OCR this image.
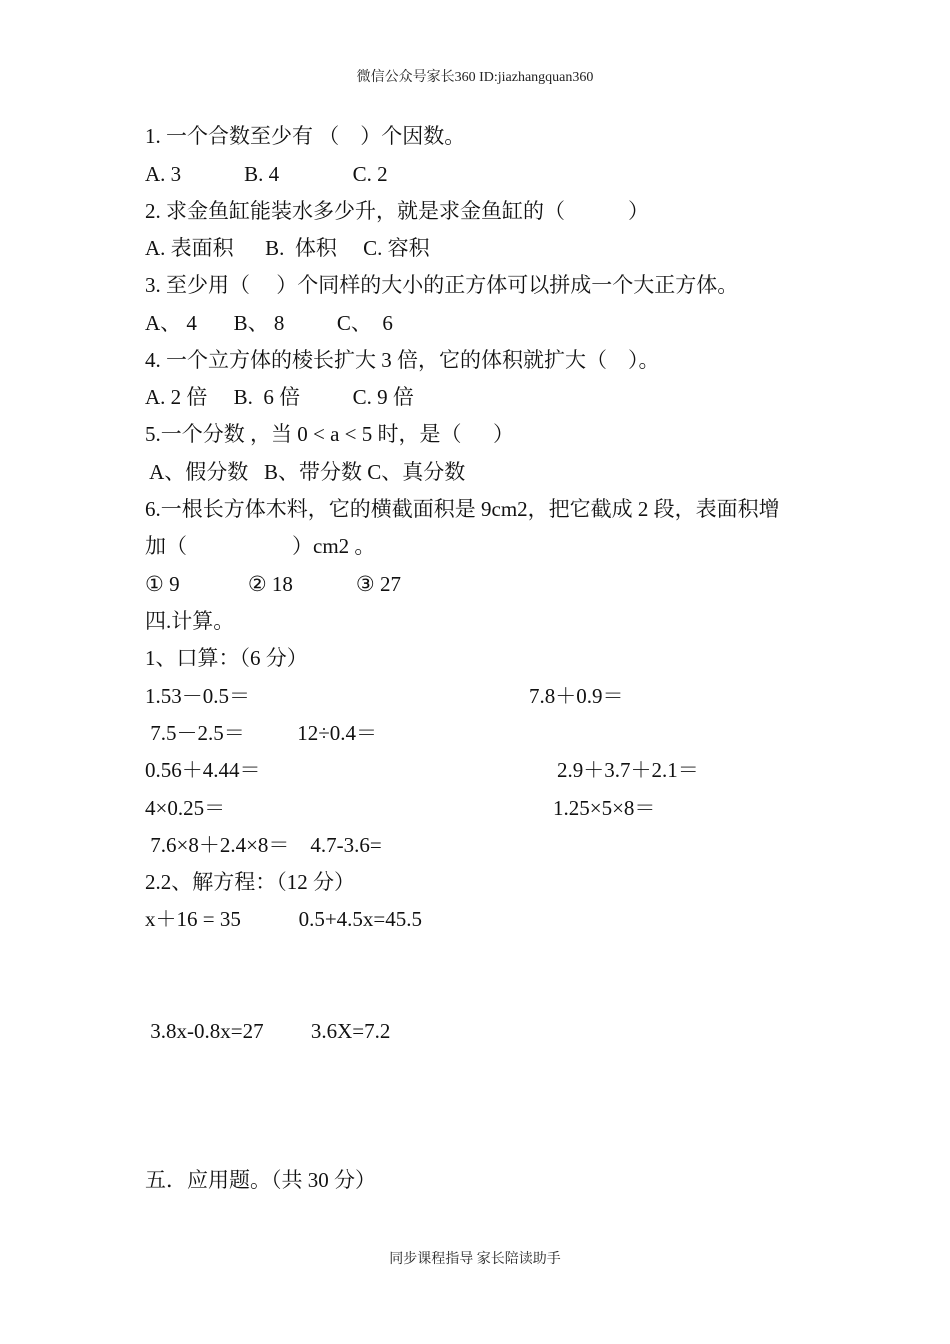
微信公众号家长360 ID:jiazhangquan360
1. 一个合数至少有 （    ）个因数。
A. 3            B. 4              C. 2
2. 求金鱼缸能装水多少升，就是求金鱼缸的（            ）
A. 表面积      B.  体积     C. 容积
3. 至少用（     ）个同样的大小的正方体可以拼成一个大正方体。
A、 4       B、 8          C、  6
4. 一个立方体的棱长扩大 3 倍，它的体积就扩大（    ）。
A. 2 倍     B.  6 倍          C. 9 倍
5.一个分数 ，当 0 < a < 5 时，是（      ）
A、假分数   B、带分数 C、真分数
6.一根长方体木料，它的横截面积是 9cm2，把它截成 2 段，表面积增
加（                    ）cm2 。
① 9             ② 18            ③ 27
四.计算。
1、口算：（6 分）
1.53－0.5＝	7.8＋0.9＝
7.5－2.5＝          12÷0.4＝
0.56＋4.44＝	2.9＋3.7＋2.1＝
4×0.25＝	1.25×5×8＝
7.6×8＋2.4×8＝    4.7-3.6=
2.2、解方程：（12 分）
x＋16 = 35           0.5+4.5x=45.5
3.8x-0.8x=27         3.6X=7.2
五．应用题。（共 30 分）
同步课程指导 家长陪读助手
